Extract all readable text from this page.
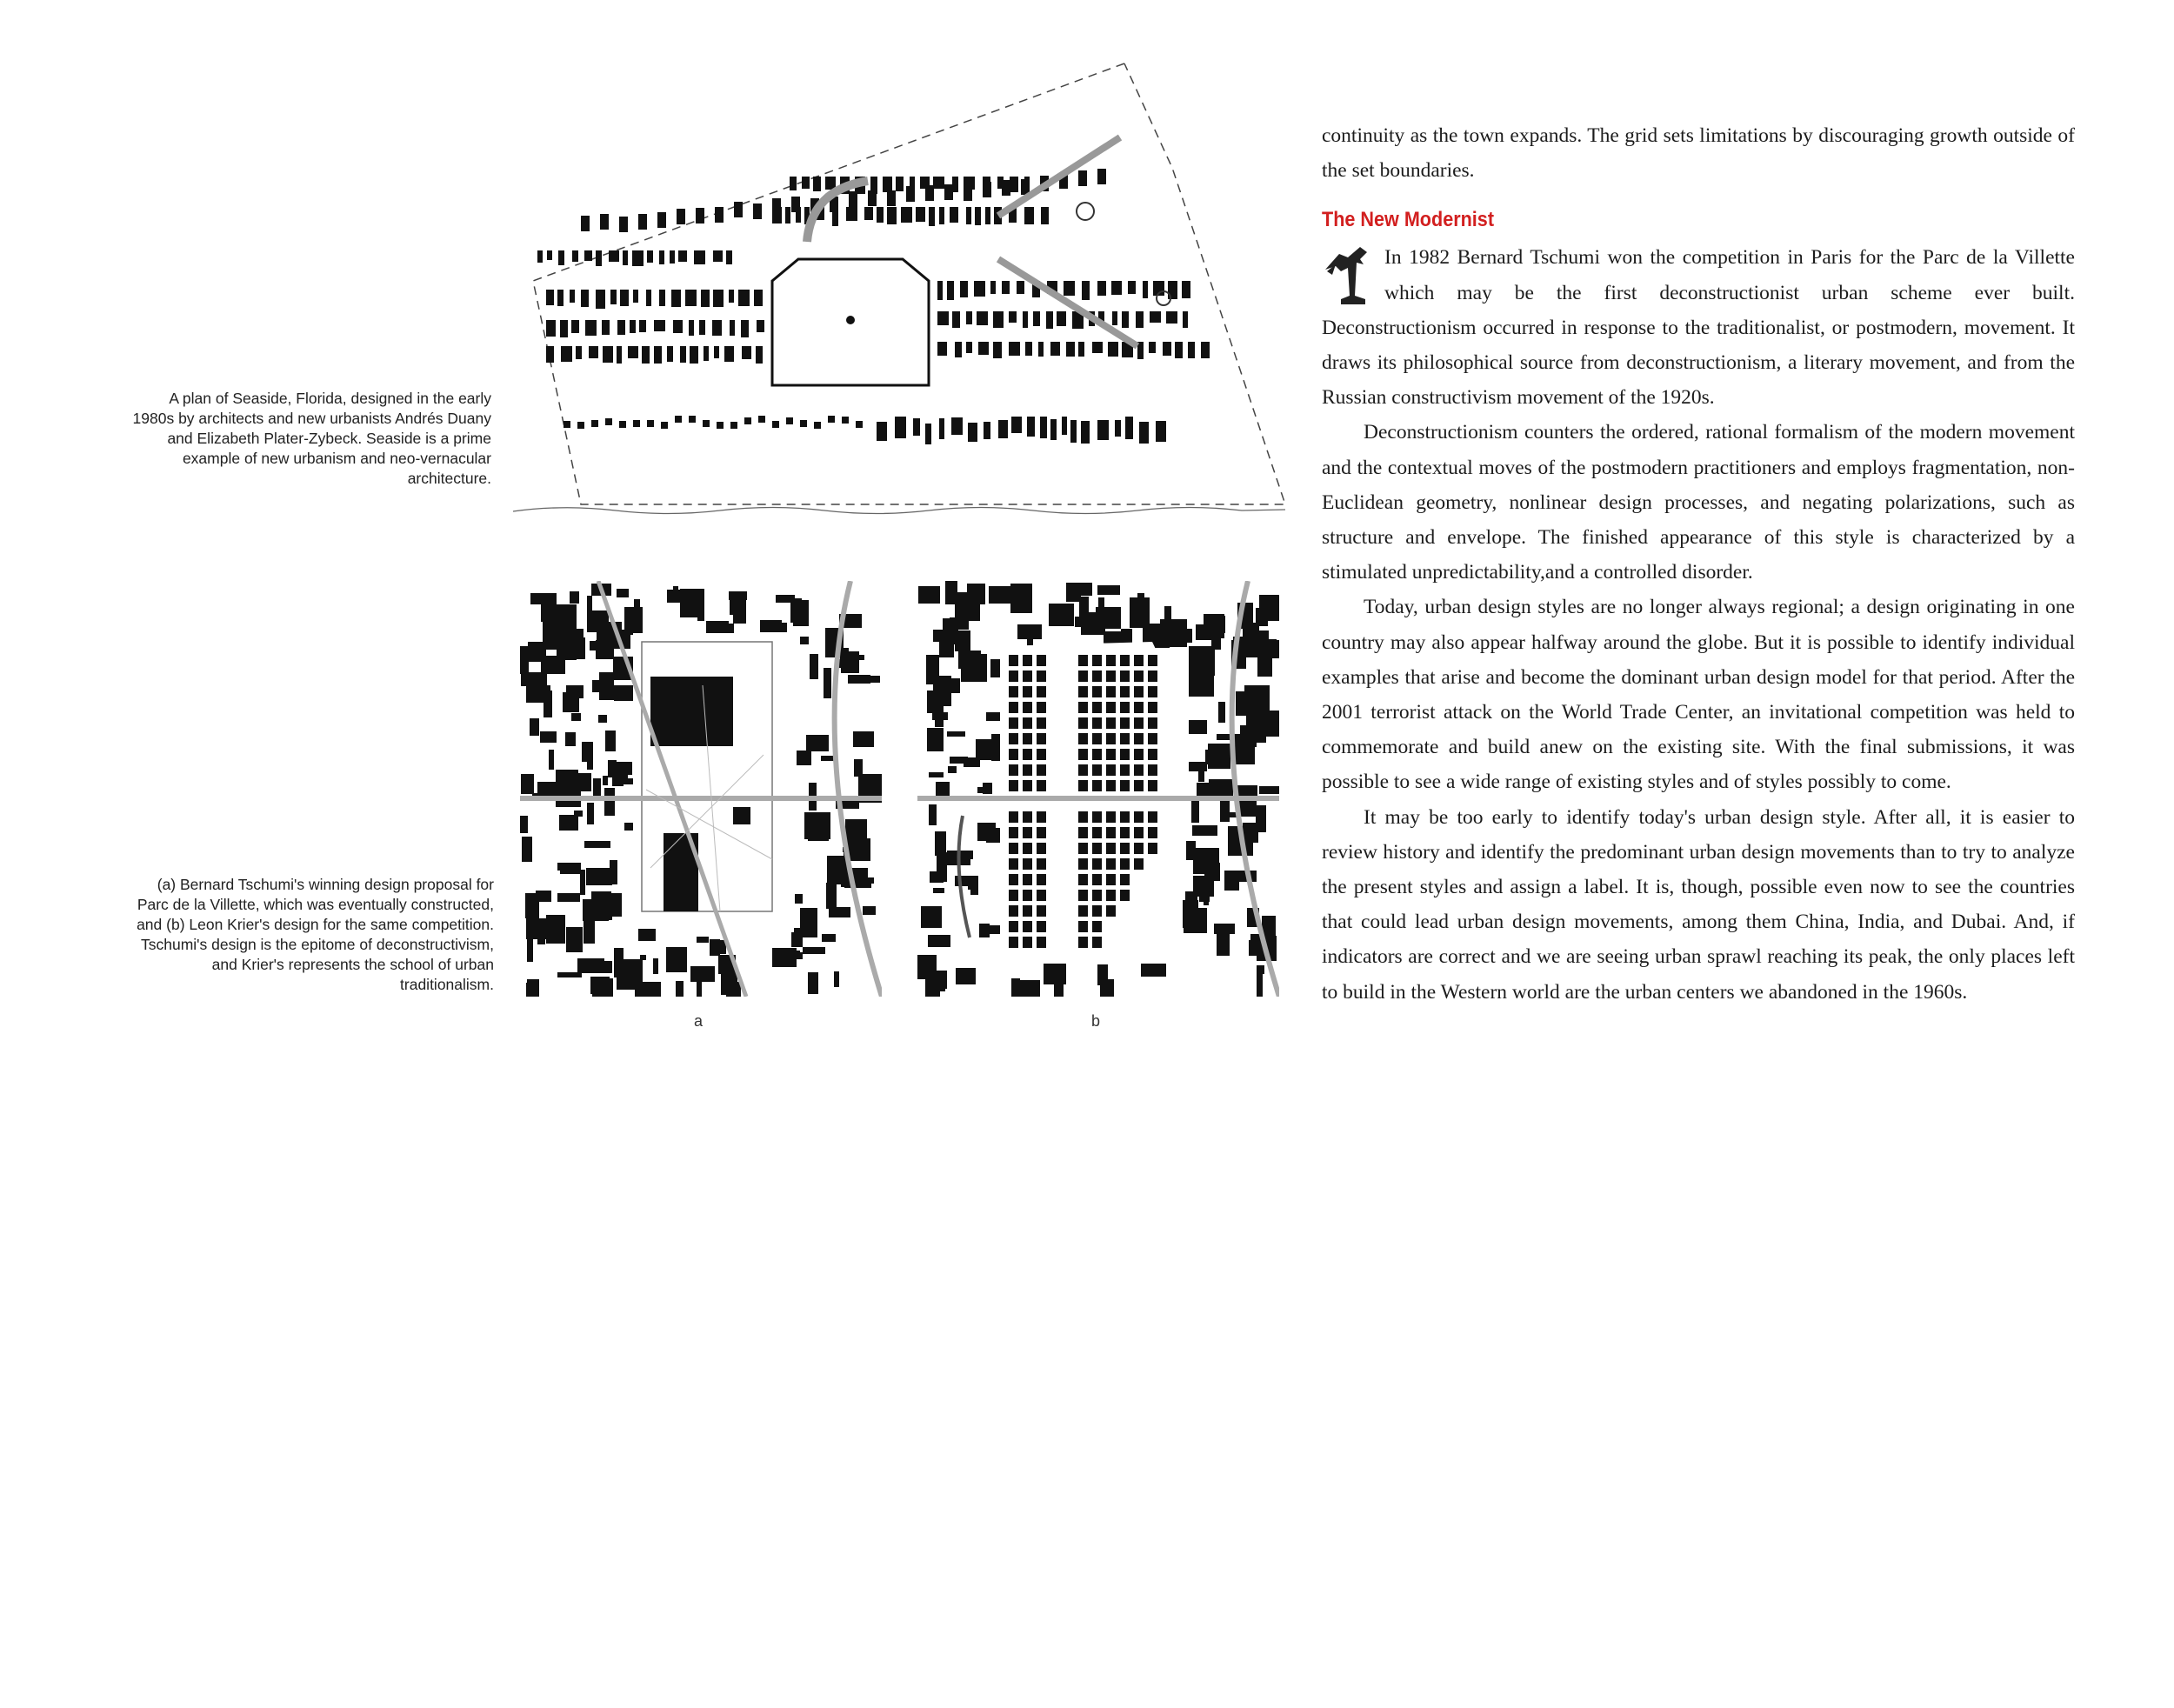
A plan of Seaside, Florida, designed in the early 1980s by architects and new urbanists Andrés Duany and Elizabeth Plater-Zybeck. Seaside is a prime example of new urbanism and neo-vernacular architecture.
(a) Bernard Tschumi's winning design proposal for Parc de la Villette, which was eventually constructed, and (b) Leon Krier's design for the same competition. Tschumi's design is the epitome of deconstructivism, and Krier's represents the school of urban traditionalism.
a	b

continuity as the town expands. The grid sets limitations by discouraging growth outside of the set boundaries.

The New Modernist

In 1982 Bernard Tschumi won the competition in Paris for the Parc de la Villette which may be the first deconstructionist urban scheme ever built. Deconstructionism occurred in response to the traditionalist, or postmodern, movement. It draws its philosophical source from deconstructionism, a literary movement, and from the Russian constructivism movement of the 1920s.

Deconstructionism counters the ordered, rational formalism of the modern movement and the contextual moves of the postmodern practitioners and employs fragmentation, non-Euclidean geometry, nonlinear design processes, and negating polarizations, such as structure and envelope. The finished appearance of this style is characterized by a stimulated unpredictability,and a controlled disorder.

Today, urban design styles are no longer always regional; a design originating in one country may also appear halfway around the globe. But it is possible to identify individual examples that arise and become the dominant urban design model for that period. After the 2001 terrorist attack on the World Trade Center, an invitational competition was held to commemorate and build anew on the existing site. With the final submissions, it was possible to see a wide range of existing styles and of styles possibly to come.

It may be too early to identify today's urban design style. After all, it is easier to review history and identify the predominant urban design movements than to try to analyze the present styles and assign a label. It is, though, possible even now to see the countries that could lead urban design movements, among them China, India, and Dubai. And, if indicators are correct and we are seeing urban sprawl reaching its peak, the only places left to build in the Western world are the urban centers we abandoned in the 1960s.
